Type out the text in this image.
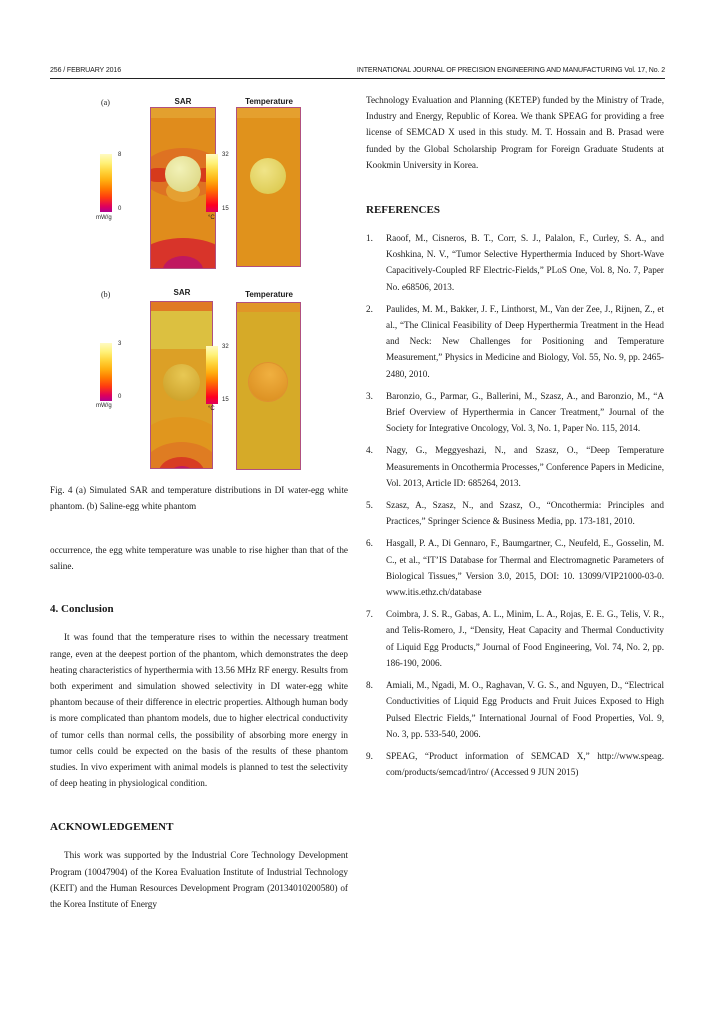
256 / FEBRUARY 2016	INTERNATIONAL JOURNAL OF PRECISION ENGINEERING AND MANUFACTURING Vol. 17, No. 2
(a)	SAR	Temperature
8
0
mW/g
32
15
°C
(b)	SAR	Temperature
3
0
mW/g
32
15
°C
Fig. 4 (a) Simulated SAR and temperature distributions in DI water-egg white phantom. (b) Saline-egg white phantom

occurrence, the egg white temperature was unable to rise higher than that of the saline.

4. Conclusion

It was found that the temperature rises to within the necessary treatment range, even at the deepest portion of the phantom, which demonstrates the deep heating characteristics of hyperthermia with 13.56 MHz RF energy. Results from both experiment and simulation showed selectivity in DI water-egg white phantom because of their difference in electric properties. Although human body is more complicated than phantom models, due to higher electrical conductivity of tumor cells than normal cells, the possibility of absorbing more energy in tumor cells could be expected on the basis of the results of these phantom studies. In vivo experiment with animal models is planned to test the selectivity of deep heating in physiological condition.

ACKNOWLEDGEMENT

This work was supported by the Industrial Core Technology Development Program (10047904) of the Korea Evaluation Institute of Industrial Technology (KEIT) and the Human Resources Development Program (20134010200580) of the Korea Institute of Energy

Technology Evaluation and Planning (KETEP) funded by the Ministry of Trade, Industry and Energy, Republic of Korea. We thank SPEAG for providing a free license of SEMCAD X used in this study. M. T. Hossain and B. Prasad were funded by the Global Scholarship Program for Foreign Graduate Students at Kookmin University in Korea.

REFERENCES
1. Raoof, M., Cisneros, B. T., Corr, S. J., Palalon, F., Curley, S. A., and Koshkina, N. V., “Tumor Selective Hyperthermia Induced by Short-Wave Capacitively-Coupled RF Electric-Fields,” PLoS One, Vol. 8, No. 7, Paper No. e68506, 2013.
2. Paulides, M. M., Bakker, J. F., Linthorst, M., Van der Zee, J., Rijnen, Z., et al., “The Clinical Feasibility of Deep Hyperthermia Treatment in the Head and Neck: New Challenges for Positioning and Temperature Measurement,” Physics in Medicine and Biology, Vol. 55, No. 9, pp. 2465-2480, 2010.
3. Baronzio, G., Parmar, G., Ballerini, M., Szasz, A., and Baronzio, M., “A Brief Overview of Hyperthermia in Cancer Treatment,” Journal of the Society for Integrative Oncology, Vol. 3, No. 1, Paper No. 115, 2014.
4. Nagy, G., Meggyeshazi, N., and Szasz, O., “Deep Temperature Measurements in Oncothermia Processes,” Conference Papers in Medicine, Vol. 2013, Article ID: 685264, 2013.
5. Szasz, A., Szasz, N., and Szasz, O., “Oncothermia: Principles and Practices,” Springer Science & Business Media, pp. 173-181, 2010.
6. Hasgall, P. A., Di Gennaro, F., Baumgartner, C., Neufeld, E., Gosselin, M. C., et al., “IT’IS Database for Thermal and Electromagnetic Parameters of Biological Tissues,” Version 3.0, 2015, DOI: 10. 13099/VIP21000-03-0. www.itis.ethz.ch/database
7. Coimbra, J. S. R., Gabas, A. L., Minim, L. A., Rojas, E. E. G., Telis, V. R., and Telis-Romero, J., “Density, Heat Capacity and Thermal Conductivity of Liquid Egg Products,” Journal of Food Engineering, Vol. 74, No. 2, pp. 186-190, 2006.
8. Amiali, M., Ngadi, M. O., Raghavan, V. G. S., and Nguyen, D., “Electrical Conductivities of Liquid Egg Products and Fruit Juices Exposed to High Pulsed Electric Fields,” International Journal of Food Properties, Vol. 9, No. 3, pp. 533-540, 2006.
9. SPEAG, “Product information of SEMCAD X,” http://www.speag. com/products/semcad/intro/ (Accessed 9 JUN 2015)
